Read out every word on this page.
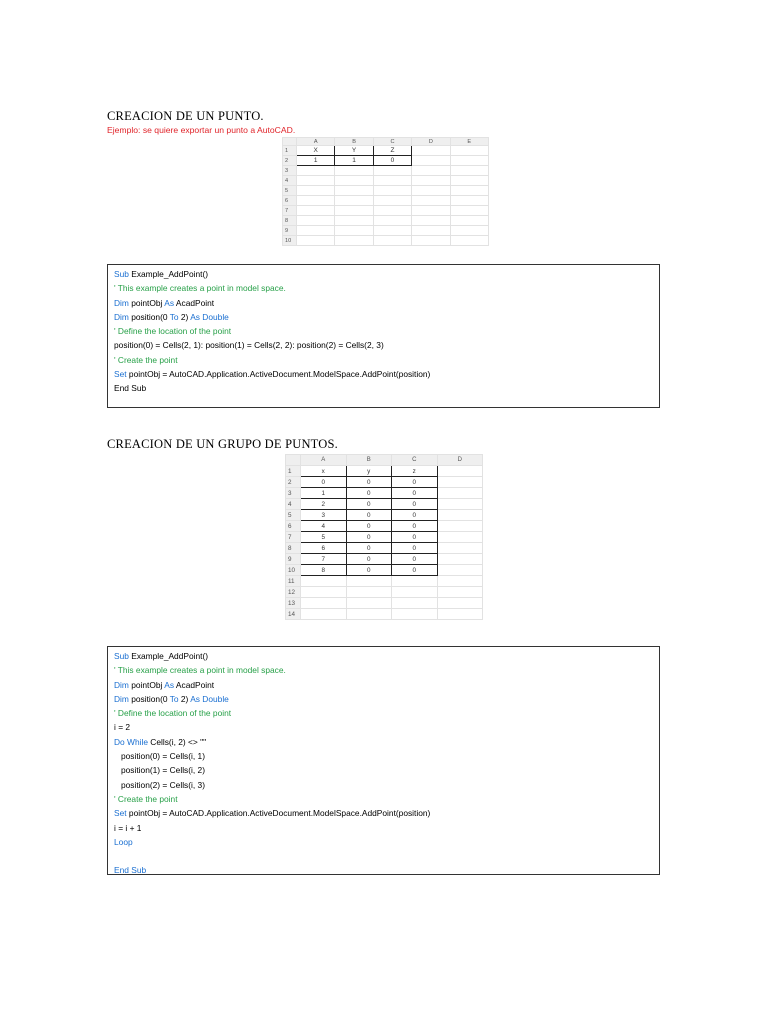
CREACION DE UN PUNTO.
Ejemplo: se quiere exportar un punto a AutoCAD.
	A	B	C	D	E
1	X	Y	Z		
2	1	1	0		
3					
4					
5					
6					
7					
8					
9					
10					
Sub Example_AddPoint()
' This example creates a point in model space.
Dim pointObj As AcadPoint
Dim position(0 To 2) As Double
' Define the location of the point
position(0) = Cells(2, 1): position(1) = Cells(2, 2): position(2) = Cells(2, 3)
' Create the point
Set pointObj = AutoCAD.Application.ActiveDocument.ModelSpace.AddPoint(position)
End Sub
CREACION DE UN GRUPO DE PUNTOS.
	A	B	C	D
1	x	y	z	
2	0	0	0	
3	1	0	0	
4	2	0	0	
5	3	0	0	
6	4	0	0	
7	5	0	0	
8	6	0	0	
9	7	0	0	
10	8	0	0	
11				
12				
13				
14				
Sub Example_AddPoint()
' This example creates a point in model space.
Dim pointObj As AcadPoint
Dim position(0 To 2) As Double
' Define the location of the point
i = 2
Do While Cells(i, 2) <> ""
position(0) = Cells(i, 1)
position(1) = Cells(i, 2)
position(2) = Cells(i, 3)
' Create the point
Set pointObj = AutoCAD.Application.ActiveDocument.ModelSpace.AddPoint(position)
i = i + 1
Loop
End Sub
